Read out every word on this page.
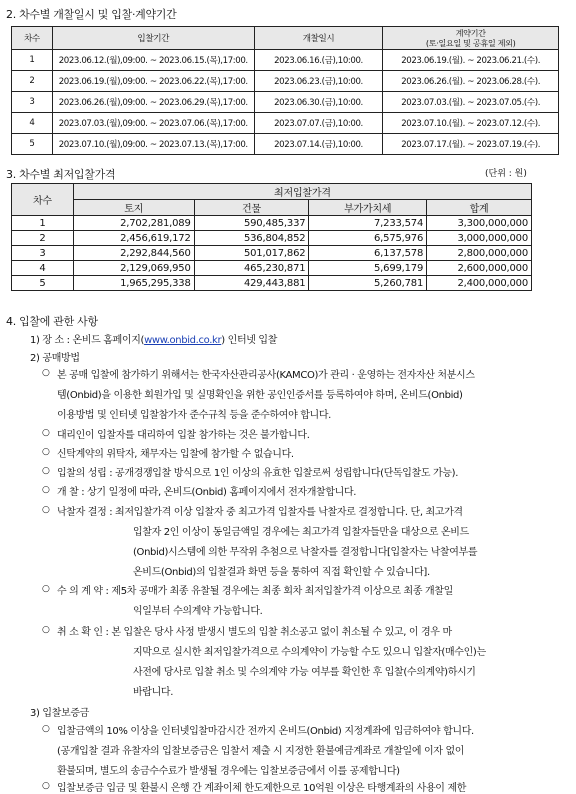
2. 차수별 개찰일시 및 입찰·계약기간
차수	입찰기간	개찰일시	계약기간
(토·일요일 및 공휴일 제외)

1	2023.06.12.(월),09:00. ~ 2023.06.15.(목),17:00.	2023.06.16.(금),10:00.	2023.06.19.(월). ~ 2023.06.21.(수).
2	2023.06.19.(월),09:00. ~ 2023.06.22.(목),17:00.	2023.06.23.(금),10:00.	2023.06.26.(월). ~ 2023.06.28.(수).
3	2023.06.26.(월),09:00. ~ 2023.06.29.(목),17:00.	2023.06.30.(금),10:00.	2023.07.03.(월). ~ 2023.07.05.(수).
4	2023.07.03.(월),09:00. ~ 2023.07.06.(목),17:00.	2023.07.07.(금),10:00.	2023.07.10.(월). ~ 2023.07.12.(수).
5	2023.07.10.(월),09:00. ~ 2023.07.13.(목),17:00.	2023.07.14.(금),10:00.	2023.07.17.(월). ~ 2023.07.19.(수).
3. 차수별 최저입찰가격	(단위 : 원)
차수	최저입찰가격			
	토지	건물	부가가치세	합계
1	2,702,281,089	590,485,337	7,233,574	3,300,000,000
2	2,456,619,172	536,804,852	6,575,976	3,000,000,000
3	2,292,844,560	501,017,862	6,137,578	2,800,000,000
4	2,129,069,950	465,230,871	5,699,179	2,600,000,000
5	1,965,295,338	429,443,881	5,260,781	2,400,000,000
4. 입찰에 관한 사항
1) 장 소 : 온비드 홈페이지(www.onbid.co.kr) 인터넷 입찰
2) 공매방법
○ 본 공매 입찰에 참가하기 위해서는 한국자산관리공사(KAMCO)가 관리 · 운영하는 전자자산 처분시스
템(Onbid)을 이용한 회원가입 및 실명확인을 위한 공인인증서를 등록하여야 하며, 온비드(Onbid)
이용방법 및 인터넷 입찰참가자 준수규칙 등을 준수하여야 합니다.
○ 대리인이 입찰자를 대리하여 입찰 참가하는 것은 불가합니다.
○ 신탁계약의 위탁자, 채무자는 입찰에 참가할 수 없습니다.
○ 입찰의 성립 : 공개경쟁입찰 방식으로 1인 이상의 유효한 입찰로써 성립합니다(단독입찰도 가능).
○ 개 찰 : 상기 일정에 따라, 온비드(Onbid) 홈페이지에서 전자개찰합니다.
○ 낙찰자 결정 : 최저입찰가격 이상 입찰자 중 최고가격 입찰자를 낙찰자로 결정합니다. 단, 최고가격
입찰자 2인 이상이 동일금액일 경우에는 최고가격 입찰자들만을 대상으로 온비드
(Onbid)시스템에 의한 무작위 추첨으로 낙찰자를 결정합니다[입찰자는 낙찰여부를
온비드(Onbid)의 입찰결과 화면 등을 통하여 직접 확인할 수 있습니다].
○ 수 의 계 약 : 제5차 공매가 최종 유찰될 경우에는 최종 회차 최저입찰가격 이상으로 최종 개찰일
익일부터 수의계약 가능합니다.
○ 취 소 확 인 : 본 입찰은 당사 사정 발생시 별도의 입찰 취소공고 없이 취소될 수 있고, 이 경우 마
지막으로 실시한 최저입찰가격으로 수의계약이 가능할 수도 있으니 입찰자(매수인)는
사전에 당사로 입찰 취소 및 수의계약 가능 여부를 확인한 후 입찰(수의계약)하시기
바랍니다.
3) 입찰보증금
○ 입찰금액의 10% 이상을 인터넷입찰마감시간 전까지 온비드(Onbid) 지정계좌에 입금하여야 합니다.
(공개입찰 결과 유찰자의 입찰보증금은 입찰서 제출 시 지정한 환불예금계좌로 개찰일에 이자 없이
환불되며, 별도의 송금수수료가 발생될 경우에는 입찰보증금에서 이를 공제합니다)
○ 입찰보증금 입금 및 환불시 은행 간 계좌이체 한도제한으로 10억원 이상은 타행계좌의 사용이 제한
